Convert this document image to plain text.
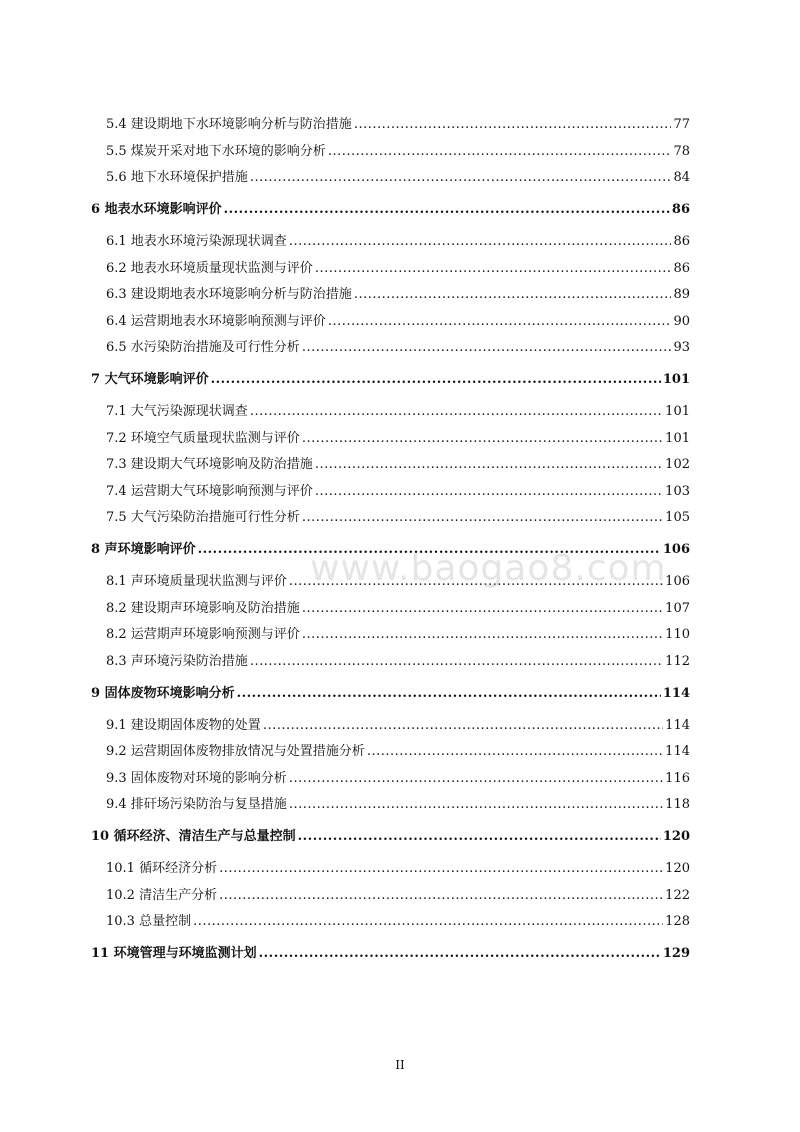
5.4 建设期地下水环境影响分析与防治措施 .....	77
5.5 煤炭开采对地下水环境的影响分析 .....	78
5.6 地下水环境保护措施 .....	84
6 地表水环境影响评价 .....	86
6.1 地表水环境污染源现状调查 .....	86
6.2 地表水环境质量现状监测与评价 .....	86
6.3 建设期地表水环境影响分析与防治措施 .....	89
6.4 运营期地表水环境影响预测与评价 .....	90
6.5 水污染防治措施及可行性分析 .....	93
7 大气环境影响评价 .....	101
7.1 大气污染源现状调查 .....	101
7.2 环境空气质量现状监测与评价 .....	101
7.3 建设期大气环境影响及防治措施 .....	102
7.4 运营期大气环境影响预测与评价 .....	103
7.5 大气污染防治措施可行性分析 .....	105
8 声环境影响评价 .....	106
8.1 声环境质量现状监测与评价 .....	106
8.2 建设期声环境影响及防治措施 .....	107
8.2 运营期声环境影响预测与评价 .....	110
8.3 声环境污染防治措施 .....	112
9 固体废物环境影响分析 .....	114
9.1 建设期固体废物的处置 .....	114
9.2 运营期固体废物排放情况与处置措施分析 .....	114
9.3 固体废物对环境的影响分析 .....	116
9.4 排矸场污染防治与复垦措施 .....	118
10 循环经济、清洁生产与总量控制 .....	120
10.1 循环经济分析 .....	120
10.2 清洁生产分析 .....	122
10.3 总量控制 .....	128
11 环境管理与环境监测计划 .....	129
www.baogao8.com
II
